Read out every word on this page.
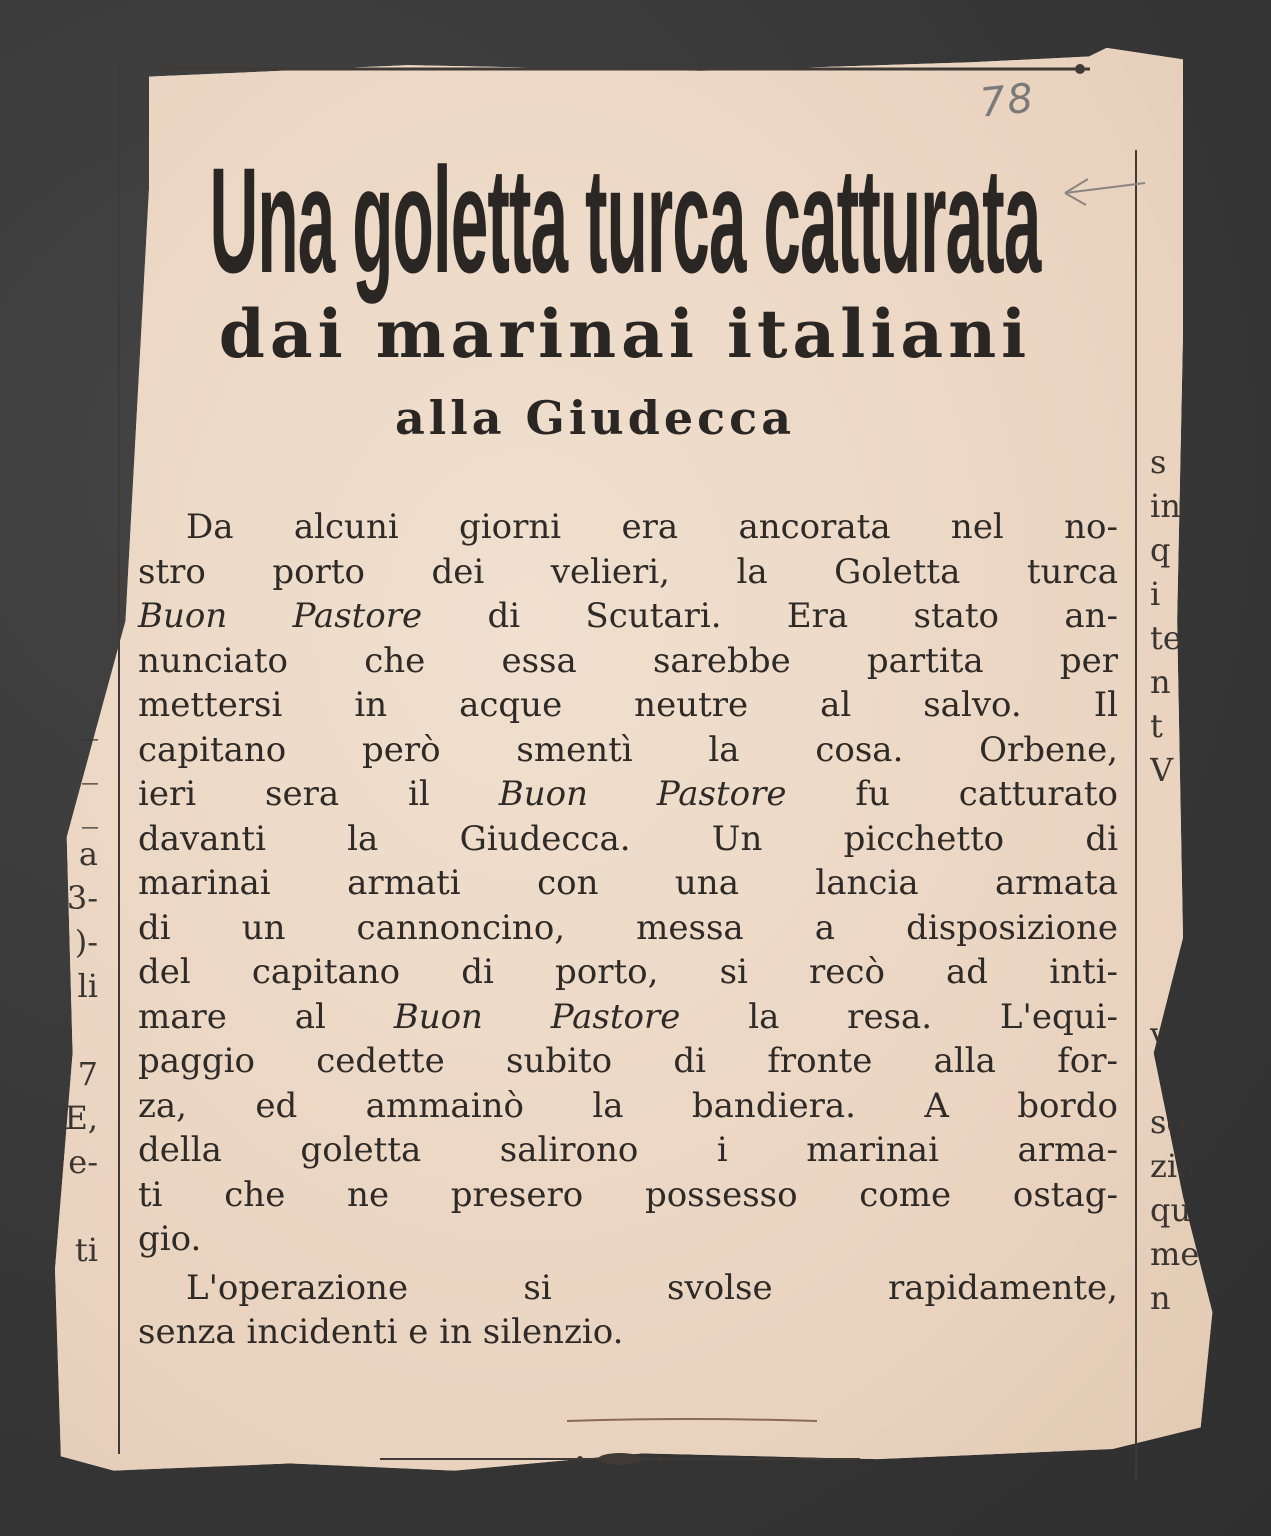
78
Una goletta turca catturata
dai marinai italiani
alla Giudecca
Da alcuni giorni era ancorata nel no-
stro porto dei velieri, la Goletta turca
Buon Pastore di Scutari. Era stato an-
nunciato che essa sarebbe partita per
mettersi in acque neutre al salvo. Il
capitano però smentì la cosa. Orbene,
ieri sera il Buon Pastore fu catturato
davanti la Giudecca. Un picchetto di
marinai armati con una lancia armata
di un cannoncino, messa a disposizione
del capitano di porto, si recò ad inti-
mare al Buon Pastore la resa. L'equi-
paggio cedette subito di fronte alla for-
za, ed ammainò la bandiera. A bordo
della goletta salirono i marinai arma-
ti che ne presero possesso come ostag-
gio.
L'operazione si svolse rapidamente,
senza incidenti e in silenzio.
_
_
_
a
3-
)-
li

7
E,
e-

ti
s
in
q
i
te
n
t
V

v

so
zia
qu
me
n
